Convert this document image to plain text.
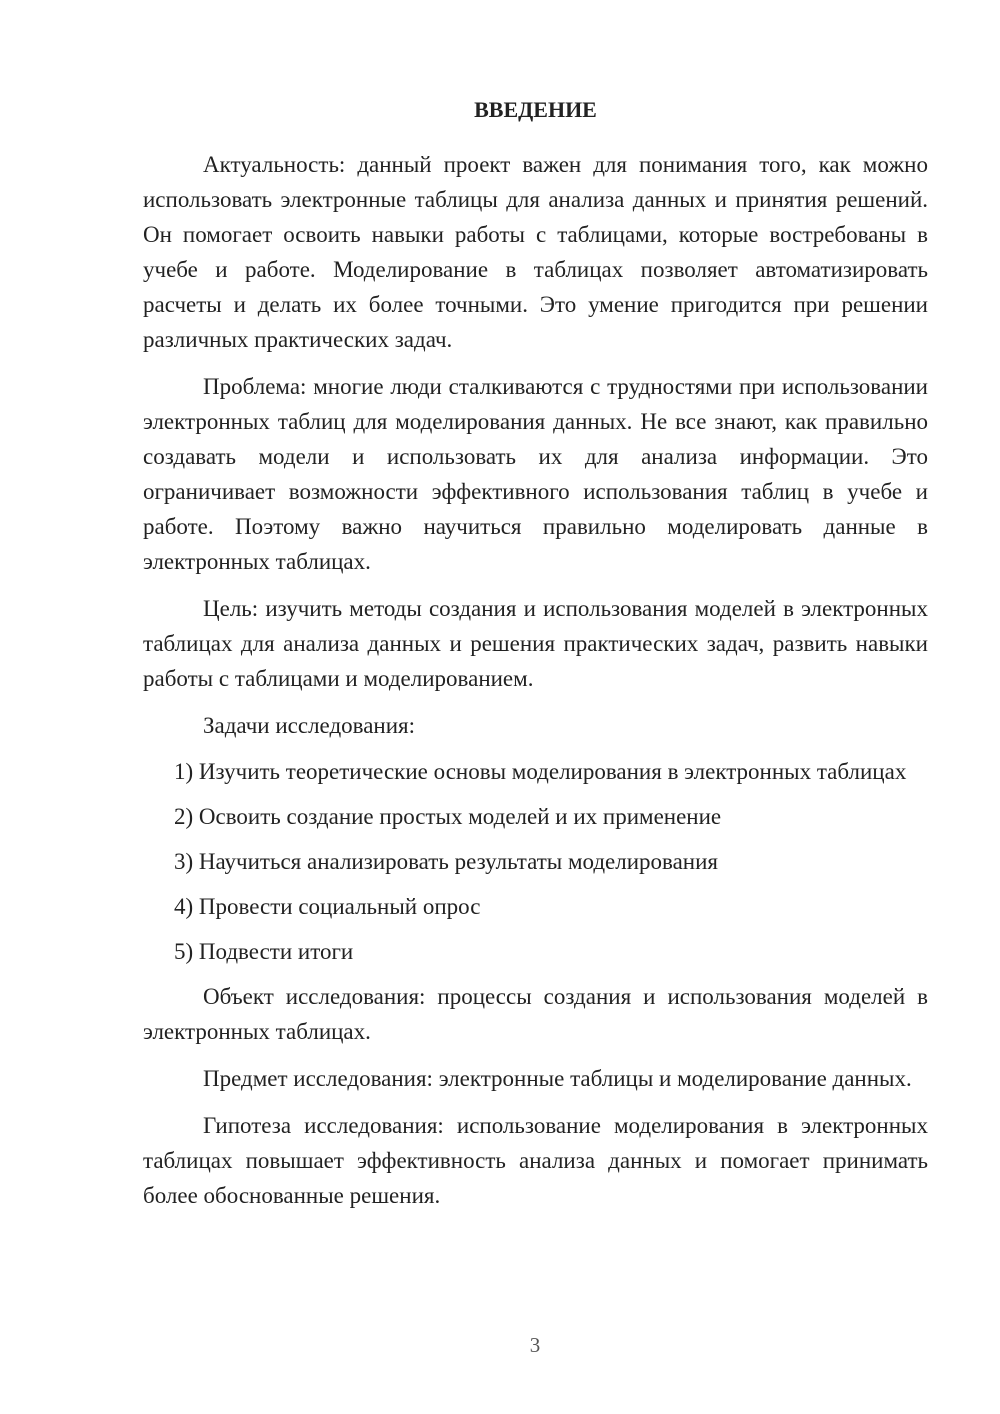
ВВЕДЕНИЕ

Актуальность: данный проект важен для понимания того, как можно использовать электронные таблицы для анализа данных и принятия решений. Он помогает освоить навыки работы с таблицами, которые востребованы в учебе и работе. Моделирование в таблицах позволяет автоматизировать расчеты и делать их более точными. Это умение пригодится при решении различных практических задач.

Проблема: многие люди сталкиваются с трудностями при использовании электронных таблиц для моделирования данных. Не все знают, как правильно создавать модели и использовать их для анализа информации. Это ограничивает возможности эффективного использования таблиц в учебе и работе. Поэтому важно научиться правильно моделировать данные в электронных таблицах.

Цель: изучить методы создания и использования моделей в электронных таблицах для анализа данных и решения практических задач, развить навыки работы с таблицами и моделированием.

Задачи исследования:

1) Изучить теоретические основы моделирования в электронных таблицах

2) Освоить создание простых моделей и их применение

3) Научиться анализировать результаты моделирования

4) Провести социальный опрос

5) Подвести итоги

Объект исследования: процессы создания и использования моделей в электронных таблицах.

Предмет исследования: электронные таблицы и моделирование данных.

Гипотеза исследования: использование моделирования в электронных таблицах повышает эффективность анализа данных и помогает принимать более обоснованные решения.

3
